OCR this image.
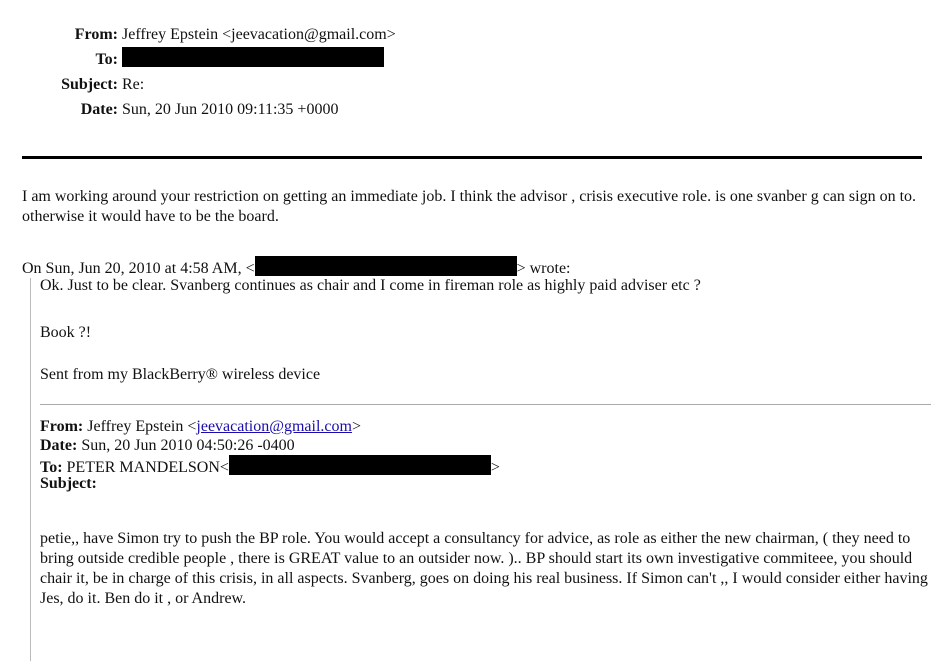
From: Jeffrey Epstein <jeevacation@gmail.com>
To:
Subject: Re:
Date: Sun, 20 Jun 2010 09:11:35 +0000

I am working around your restriction on getting an immediate job. I think the advisor , crisis executive role. is one svanber g can sign on to. otherwise it would have to be the board.

On Sun, Jun 20, 2010 at 4:58 AM, <	> wrote:

Ok. Just to be clear. Svanberg continues as chair and I come in fireman role as highly paid adviser etc ?

Book ?!

Sent from my BlackBerry® wireless device

From: Jeffrey Epstein <jeevacation@gmail.com>
Date: Sun, 20 Jun 2010 04:50:26 -0400
To: PETER MANDELSON<	>
Subject:

petie,, have Simon try to push the BP role. You would accept a consultancy for advice, as role as either the new chairman, ( they need to bring outside credible people , there is GREAT value to an outsider now. ).. BP should start its own investigative commiteee, you should chair it, be in charge of this crisis, in all aspects. Svanberg, goes on doing his real business. If Simon can't ,, I would consider either having Jes, do it. Ben do it , or Andrew.
